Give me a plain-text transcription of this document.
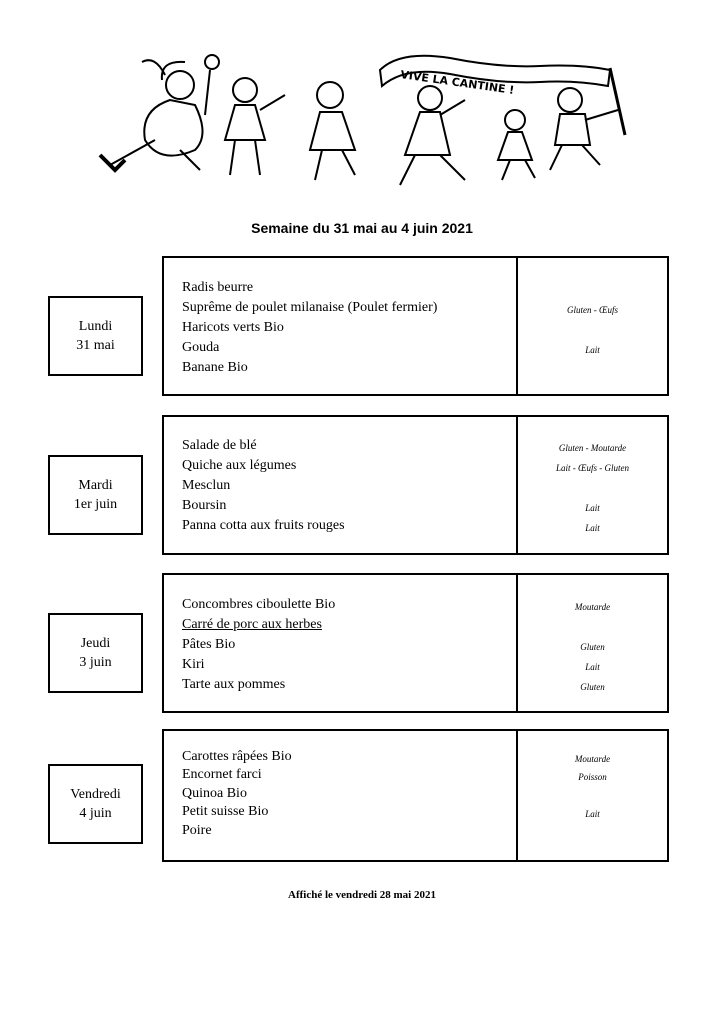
VIVE LA CANTINE !
Semaine du 31 mai au 4 juin 2021
Lundi
31 mai
Radis beurre
Suprême de poulet milanaise (Poulet fermier)
Haricots verts Bio
Gouda
Banane Bio
Gluten - Œufs
Lait
Mardi
1er juin
Salade de blé
Quiche aux légumes
Mesclun
Boursin
Panna cotta aux fruits rouges
Gluten - Moutarde
Lait - Œufs - Gluten
Lait
Lait
Jeudi
3 juin
Concombres ciboulette Bio
Carré de porc aux herbes
Pâtes Bio
Kiri
Tarte aux pommes
Moutarde
Gluten
Lait
Gluten
Vendredi
4 juin
Carottes râpées Bio
Encornet farci
Quinoa Bio
Petit suisse Bio
Poire
Moutarde
Poisson
Lait
Affiché le vendredi 28 mai 2021
